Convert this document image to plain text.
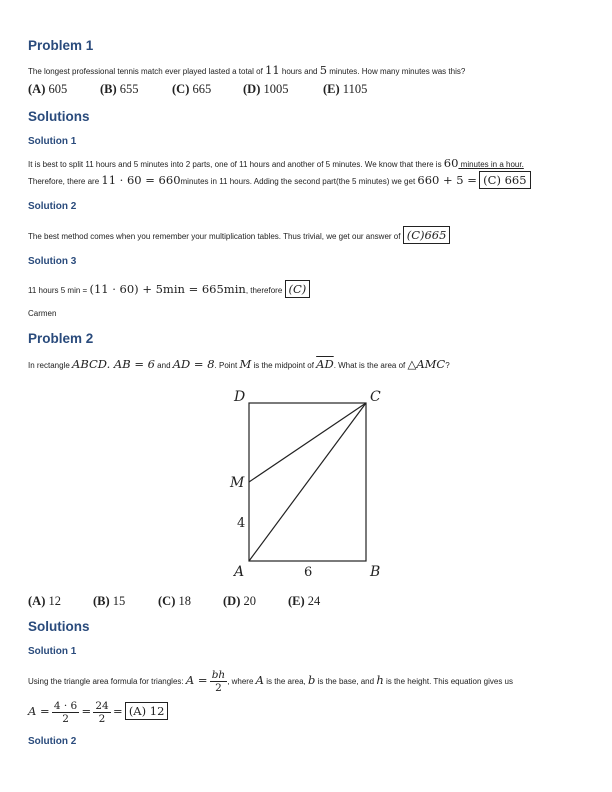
Problem 1
The longest professional tennis match ever played lasted a total of 11 hours and 5 minutes. How many minutes was this?
(A) 605	(B) 655	(C) 665	(D) 1005	(E) 1105
Solutions
Solution 1
It is best to split 11 hours and 5 minutes into 2 parts, one of 11 hours and another of 5 minutes. We know that there is 60 minutes in a hour.
Therefore, there are 11 · 60 = 660minutes in 11 hours. Adding the second part(the 5 minutes) we get 660 + 5 = (C) 665
Solution 2
The best method comes when you remember your multiplication tables. Thus trivial, we get our answer of (C)665
Solution 3
11 hours 5 min = (11 · 60) + 5min = 665min, therefore (C)
Carmen
Problem 2
In rectangle ABCD. AB = 6 and AD = 8. Point M is the midpoint of $\overline{AD}$. What is the area of △AMC?
D	C
M
A	B
4
6
(A) 12	(B) 15	(C) 18	(D) 20	(E) 24
Solutions
Solution 1
Using the triangle area formula for triangles: $A = \frac{bh}{2}$ , where A is the area, b is the base, and h is the height. This equation gives us
$A = \frac{4 \cdot 6}{2} = \frac{24}{2} = (A)$ 12
Solution 2
